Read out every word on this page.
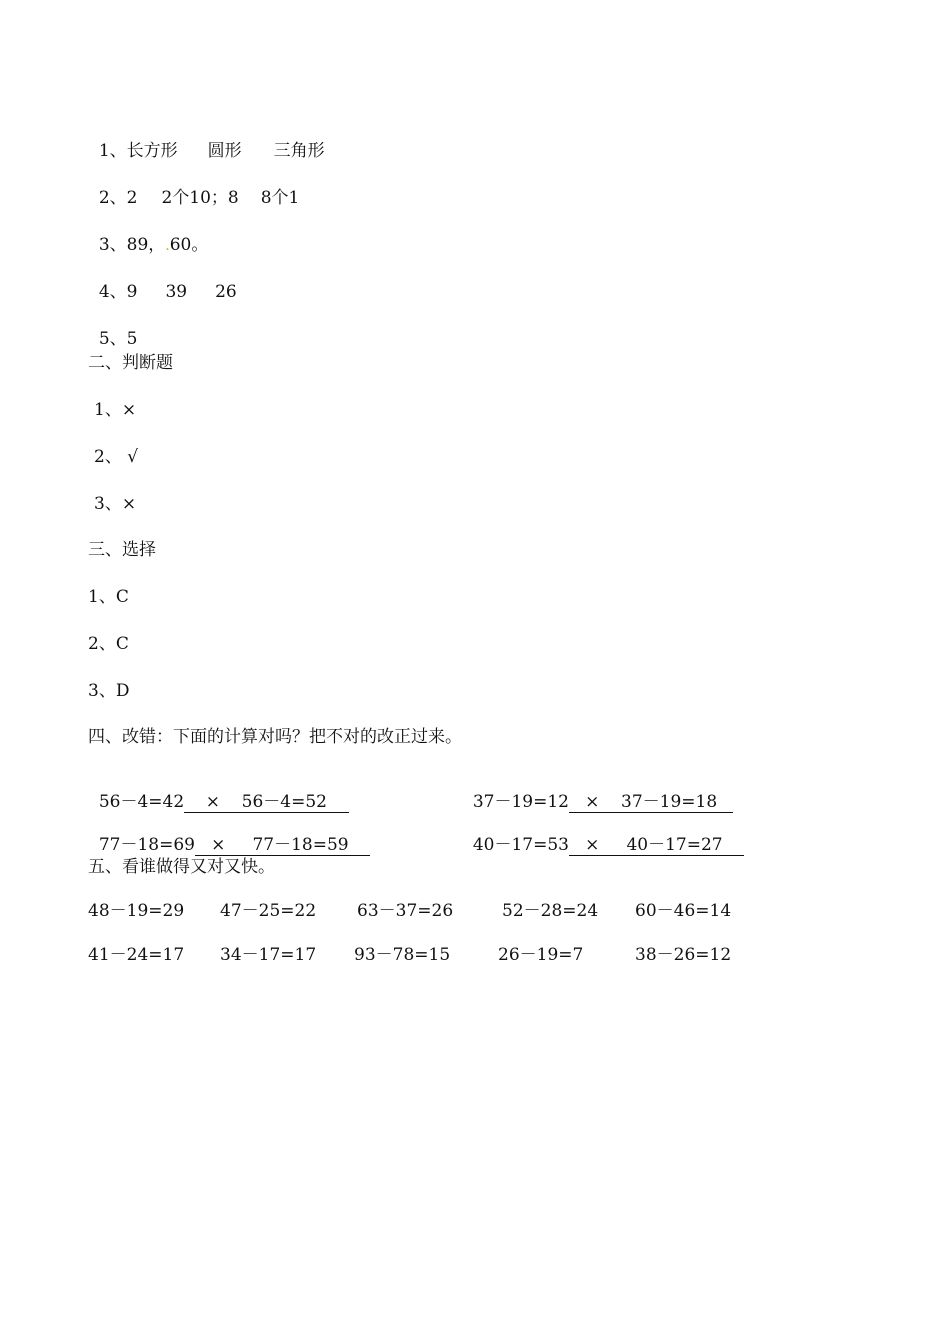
1、长方形 圆形 三角形

2、2 2个10；8 8个1

3、89，.60。

4、9 39 26

5、5

二、判断题
1、×
2、 √
3、×
三、选择
1、C
2、C
3、D
四、改错：下面的计算对吗？把不对的改正过来。

56－4=42 × 56－4=52	37－19=12 × 37－19=18

77－18=69 × 77－18=59	40－17=53 × 40－17=27

五、看谁做得又对又快。
48－19=29 47－25=22 63－37=26	52－28=24 60－46=14
41－24=17 34－17=17 93－78=15	26－19=7	38－26=12
